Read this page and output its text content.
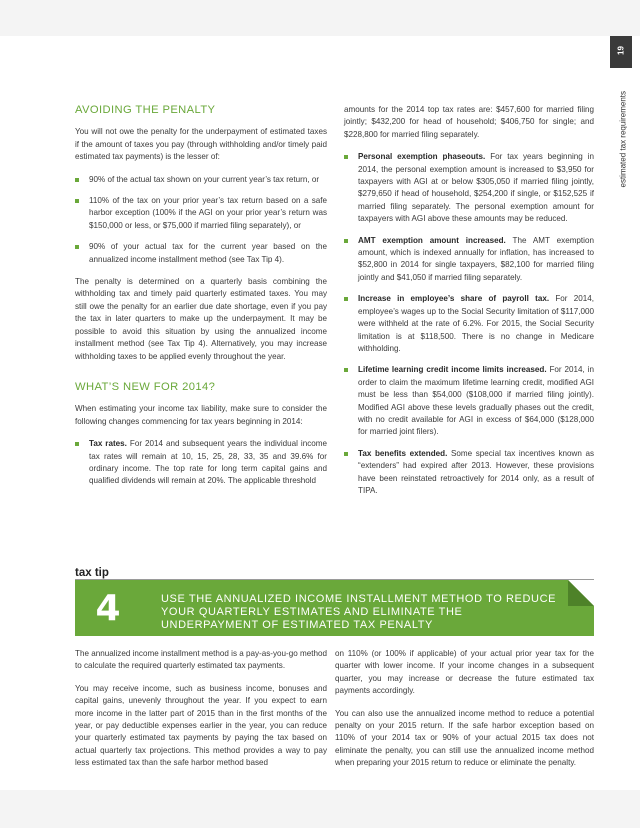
19
estimated tax requirements
AVOIDING THE PENALTY

You will not owe the penalty for the underpayment of estimated taxes if the amount of taxes you pay (through withholding and/or timely paid estimated tax payments) is the lesser of:

90% of the actual tax shown on your current year’s tax return, or
110% of the tax on your prior year’s tax return based on a safe harbor exception (100% if the AGI on your prior year’s return was $150,000 or less, or $75,000 if married filing separately), or
90% of your actual tax for the current year based on the annualized income installment method (see Tax Tip 4).

The penalty is determined on a quarterly basis combining the withholding tax and timely paid quarterly estimated taxes. You may still owe the penalty for an earlier due date shortage, even if you pay the tax in later quarters to make up the underpayment. It may be possible to avoid this situation by using the annualized income installment method (see Tax Tip 4). Alternatively, you may increase withholding taxes to be applied evenly throughout the year.

WHAT’S NEW FOR 2014?

When estimating your income tax liability, make sure to consider the following changes commencing for tax years beginning in 2014:

Tax rates. For 2014 and subsequent years the individual income tax rates will remain at 10, 15, 25, 28, 33, 35 and 39.6% for ordinary income. The top rate for long term capital gains and qualified dividends will remain at 20%. The applicable threshold

amounts for the 2014 top tax rates are: $457,600 for married filing jointly; $432,200 for head of household; $406,750 for single; and $228,800 for married filing separately.

Personal exemption phaseouts. For tax years beginning in 2014, the personal exemption amount is increased to $3,950 for taxpayers with AGI at or below $305,050 if married filing jointly, $279,650 if head of household, $254,200 if single, or $152,525 if married filing separately. The personal exemption amount for taxpayers with AGI above these amounts may be reduced.
AMT exemption amount increased. The AMT exemption amount, which is indexed annually for inflation, has increased to $52,800 in 2014 for single taxpayers, $82,100 for married filing jointly and $41,050 if married filing separately.
Increase in employee’s share of payroll tax. For 2014, employee’s wages up to the Social Security limitation of $117,000 were withheld at the rate of 6.2%. For 2015, the Social Security limitation is at $118,500. There is no change in Medicare withholding.
Lifetime learning credit income limits increased. For 2014, in order to claim the maximum lifetime learning credit, modified AGI must be less than $54,000 ($108,000 if married filing jointly). Modified AGI above these levels gradually phases out the credit, with no credit available for AGI in excess of $64,000 ($128,000 for married joint filers).
Tax benefits extended. Some special tax incentives known as “extenders” had expired after 2013. However, these provisions have been reinstated retroactively for 2014 only, as a result of TIPA.
tax tip
4	USE THE ANNUALIZED INCOME INSTALLMENT METHOD TO REDUCE YOUR QUARTERLY ESTIMATES AND ELIMINATE THE UNDERPAYMENT OF ESTIMATED TAX PENALTY

The annualized income installment method is a pay-as-you-go method to calculate the required quarterly estimated tax payments.

You may receive income, such as business income, bonuses and capital gains, unevenly throughout the year. If you expect to earn more income in the latter part of 2015 than in the first months of the year, or pay deductible expenses earlier in the year, you can reduce your quarterly estimated tax payments by paying the tax based on actual quarterly tax projections. This method provides a way to pay less estimated tax than the safe harbor method based

on 110% (or 100% if applicable) of your actual prior year tax for the quarter with lower income. If your income changes in a subsequent quarter, you may increase or decrease the future estimated tax payments accordingly.

You can also use the annualized income method to reduce a potential penalty on your 2015 return. If the safe harbor exception based on 110% of your 2014 tax or 90% of your actual 2015 tax does not eliminate the penalty, you can still use the annualized income method when preparing your 2015 return to reduce or eliminate the penalty.
